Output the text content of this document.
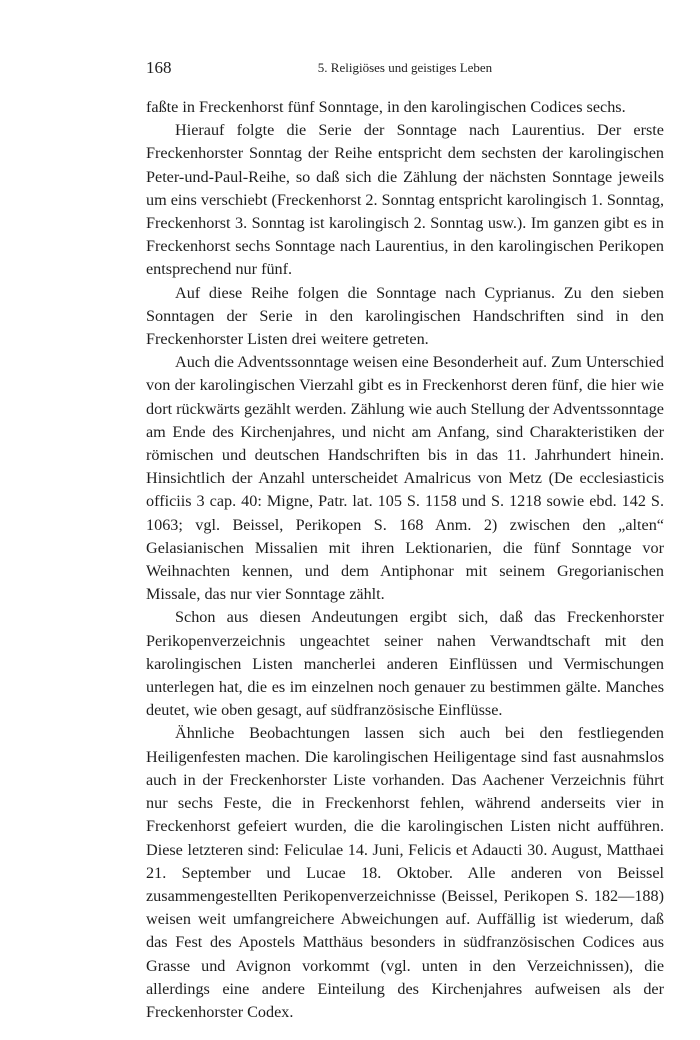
168	5. Religiöses und geistiges Leben

faßte in Freckenhorst fünf Sonntage, in den karolingischen Codices sechs.

Hierauf folgte die Serie der Sonntage nach Laurentius. Der erste Freckenhorster Sonntag der Reihe entspricht dem sechsten der karolingischen Peter-und-Paul-Reihe, so daß sich die Zählung der nächsten Sonntage jeweils um eins verschiebt (Freckenhorst 2. Sonntag entspricht karolingisch 1. Sonntag, Freckenhorst 3. Sonntag ist karolingisch 2. Sonntag usw.). Im ganzen gibt es in Freckenhorst sechs Sonntage nach Laurentius, in den karolingischen Perikopen entsprechend nur fünf.

Auf diese Reihe folgen die Sonntage nach Cyprianus. Zu den sieben Sonntagen der Serie in den karolingischen Handschriften sind in den Freckenhorster Listen drei weitere getreten.

Auch die Adventssonntage weisen eine Besonderheit auf. Zum Unterschied von der karolingischen Vierzahl gibt es in Freckenhorst deren fünf, die hier wie dort rückwärts gezählt werden. Zählung wie auch Stellung der Adventssonntage am Ende des Kirchenjahres, und nicht am Anfang, sind Charakteristiken der römischen und deutschen Handschriften bis in das 11. Jahrhundert hinein. Hinsichtlich der Anzahl unterscheidet Amalricus von Metz (De ecclesiasticis officiis 3 cap. 40: Migne, Patr. lat. 105 S. 1158 und S. 1218 sowie ebd. 142 S. 1063; vgl. Beissel, Perikopen S. 168 Anm. 2) zwischen den „alten“ Gelasianischen Missalien mit ihren Lektionarien, die fünf Sonntage vor Weihnachten kennen, und dem Antiphonar mit seinem Gregorianischen Missale, das nur vier Sonntage zählt.

Schon aus diesen Andeutungen ergibt sich, daß das Freckenhorster Perikopenverzeichnis ungeachtet seiner nahen Verwandtschaft mit den karolingischen Listen mancherlei anderen Einflüssen und Vermischungen unterlegen hat, die es im einzelnen noch genauer zu bestimmen gälte. Manches deutet, wie oben gesagt, auf südfranzösische Einflüsse.

Ähnliche Beobachtungen lassen sich auch bei den festliegenden Heiligenfesten machen. Die karolingischen Heiligentage sind fast ausnahmslos auch in der Freckenhorster Liste vorhanden. Das Aachener Verzeichnis führt nur sechs Feste, die in Freckenhorst fehlen, während anderseits vier in Freckenhorst gefeiert wurden, die die karolingischen Listen nicht aufführen. Diese letzteren sind: Feliculae 14. Juni, Felicis et Adaucti 30. August, Matthaei 21. September und Lucae 18. Oktober. Alle anderen von Beissel zusammengestellten Perikopenverzeichnisse (Beissel, Perikopen S. 182—188) weisen weit umfangreichere Abweichungen auf. Auffällig ist wiederum, daß das Fest des Apostels Matthäus besonders in südfranzösischen Codices aus Grasse und Avignon vorkommt (vgl. unten in den Verzeichnissen), die allerdings eine andere Einteilung des Kirchenjahres aufweisen als der Freckenhorster Codex.
